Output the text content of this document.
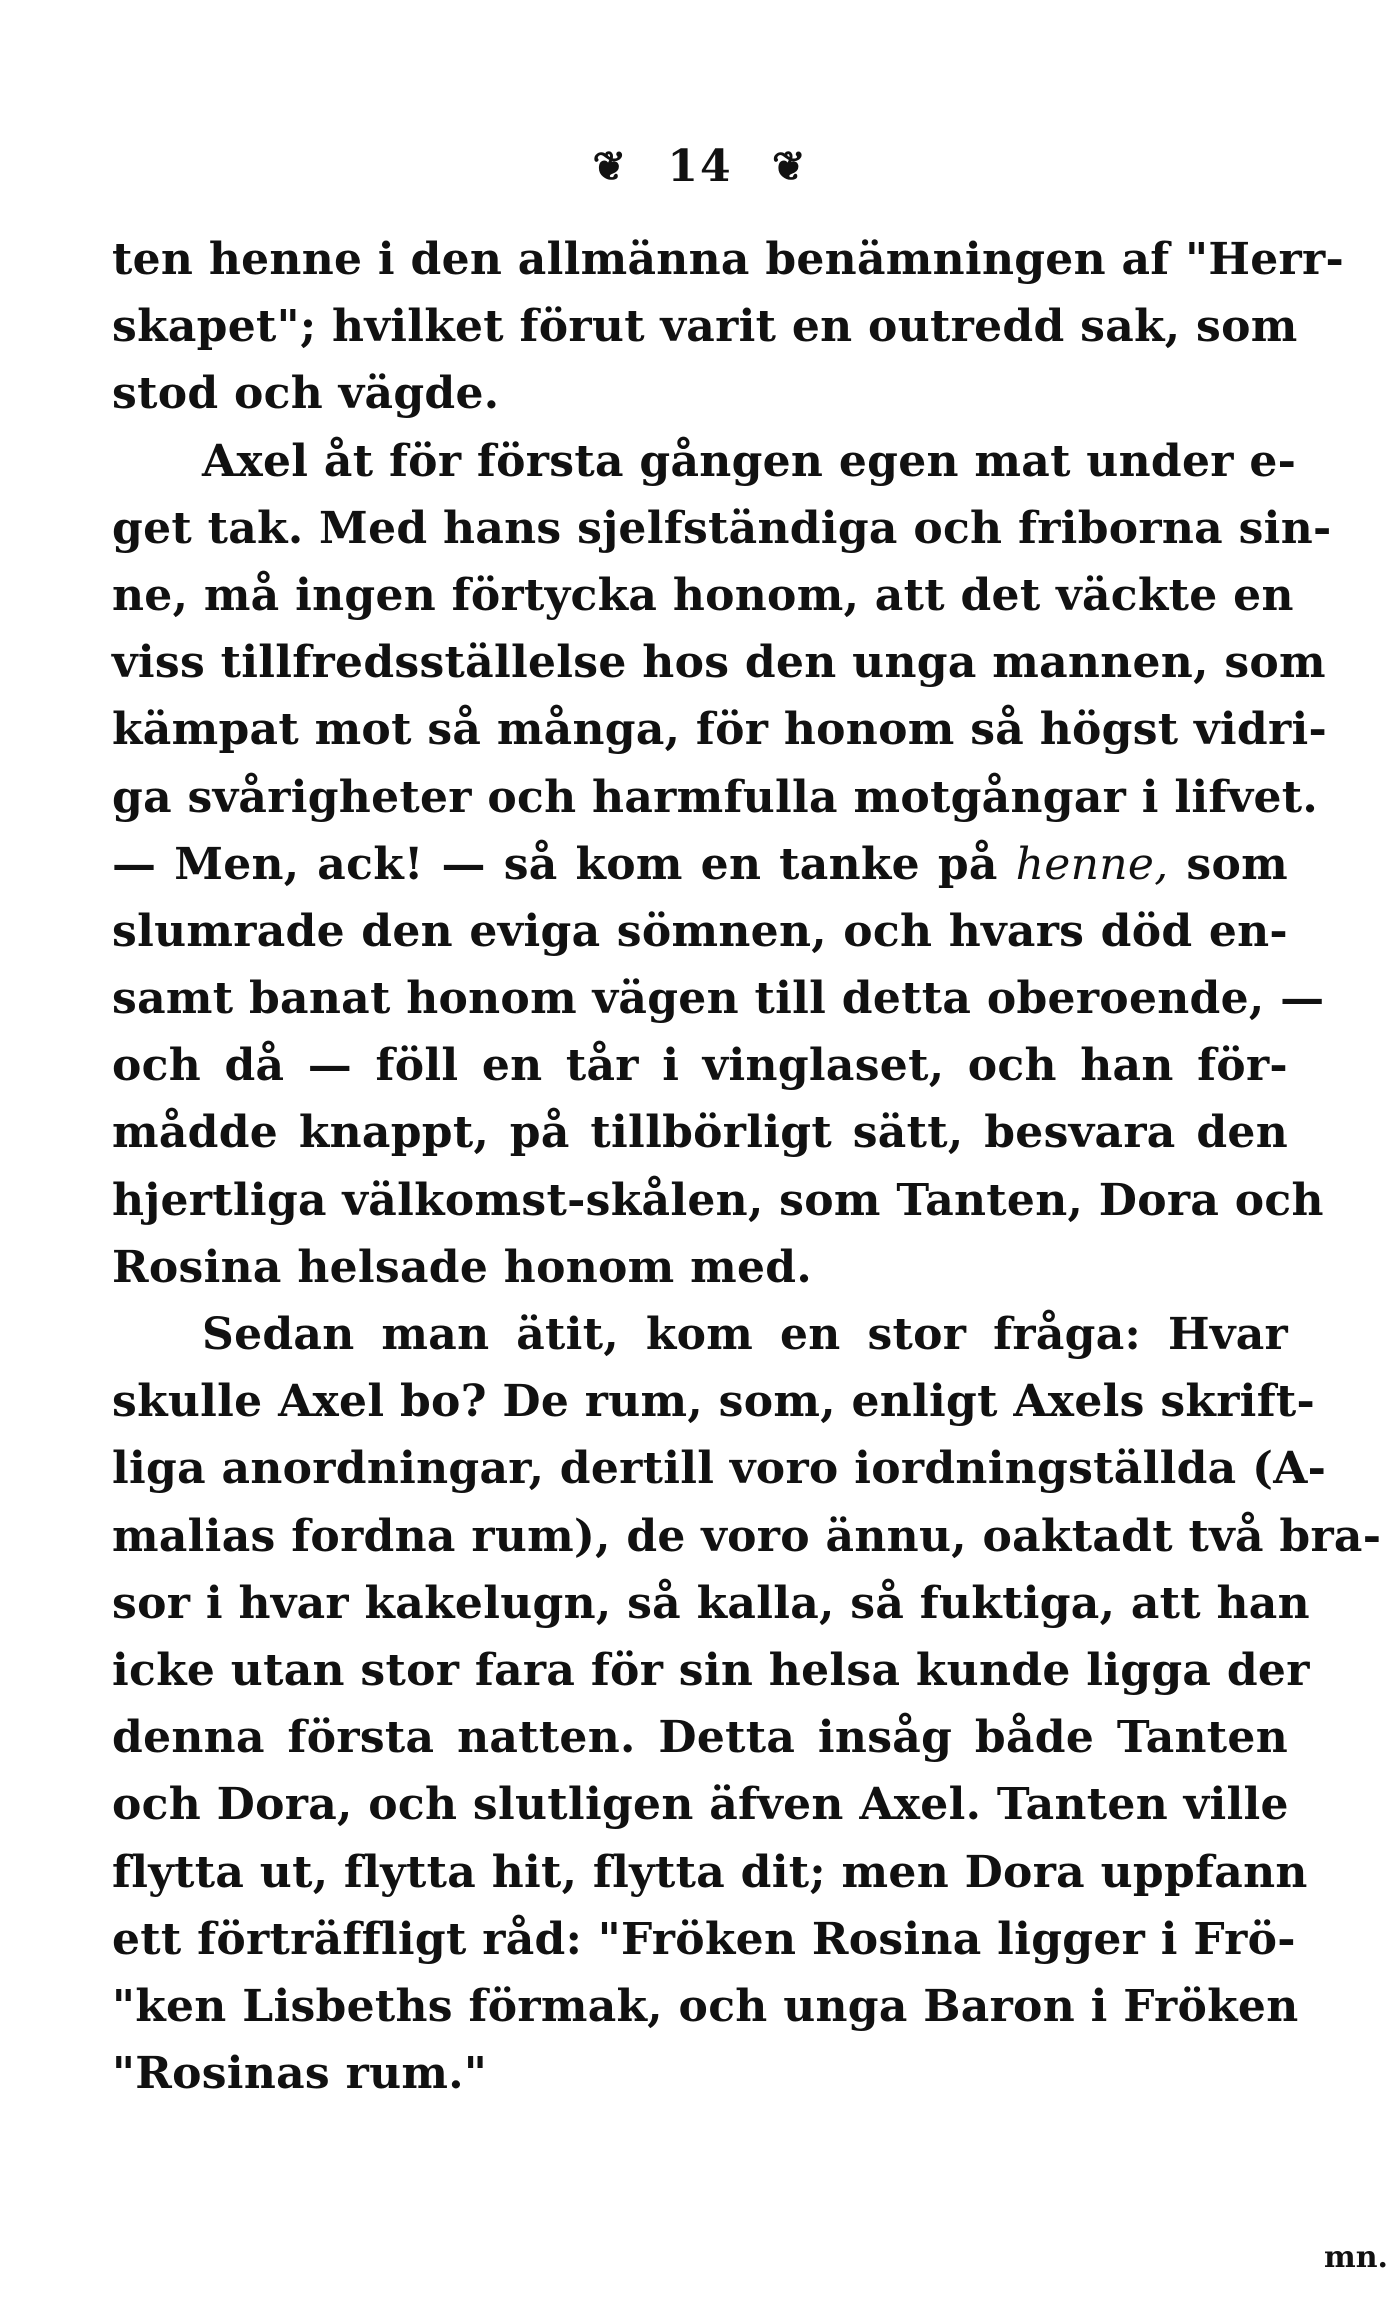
❦ 14 ❦
ten henne i den allmänna benämningen af "Herr-
skapet"; hvilket förut varit en outredd sak, som
stod och vägde.
Axel åt för första gången egen mat under e-
get tak. Med hans sjelfständiga och friborna sin-
ne, må ingen förtycka honom, att det väckte en
viss tillfredsställelse hos den unga mannen, som
kämpat mot så många, för honom så högst vidri-
ga svårigheter och harmfulla motgångar i lifvet.
— Men, ack! — så kom en tanke på henne, som
slumrade den eviga sömnen, och hvars död en-
samt banat honom vägen till detta oberoende, —
och då — föll en tår i vinglaset, och han för-
mådde knappt, på tillbörligt sätt, besvara den
hjertliga välkomst-skålen, som Tanten, Dora och
Rosina helsade honom med.
Sedan man ätit, kom en stor fråga: Hvar
skulle Axel bo? De rum, som, enligt Axels skrift-
liga anordningar, dertill voro iordningställda (A-
malias fordna rum), de voro ännu, oaktadt två bra-
sor i hvar kakelugn, så kalla, så fuktiga, att han
icke utan stor fara för sin helsa kunde ligga der
denna första natten. Detta insåg både Tanten
och Dora, och slutligen äfven Axel. Tanten ville
flytta ut, flytta hit, flytta dit; men Dora uppfann
ett förträffligt råd: "Fröken Rosina ligger i Frö-
"ken Lisbeths förmak, och unga Baron i Fröken
"Rosinas rum."
mn.
